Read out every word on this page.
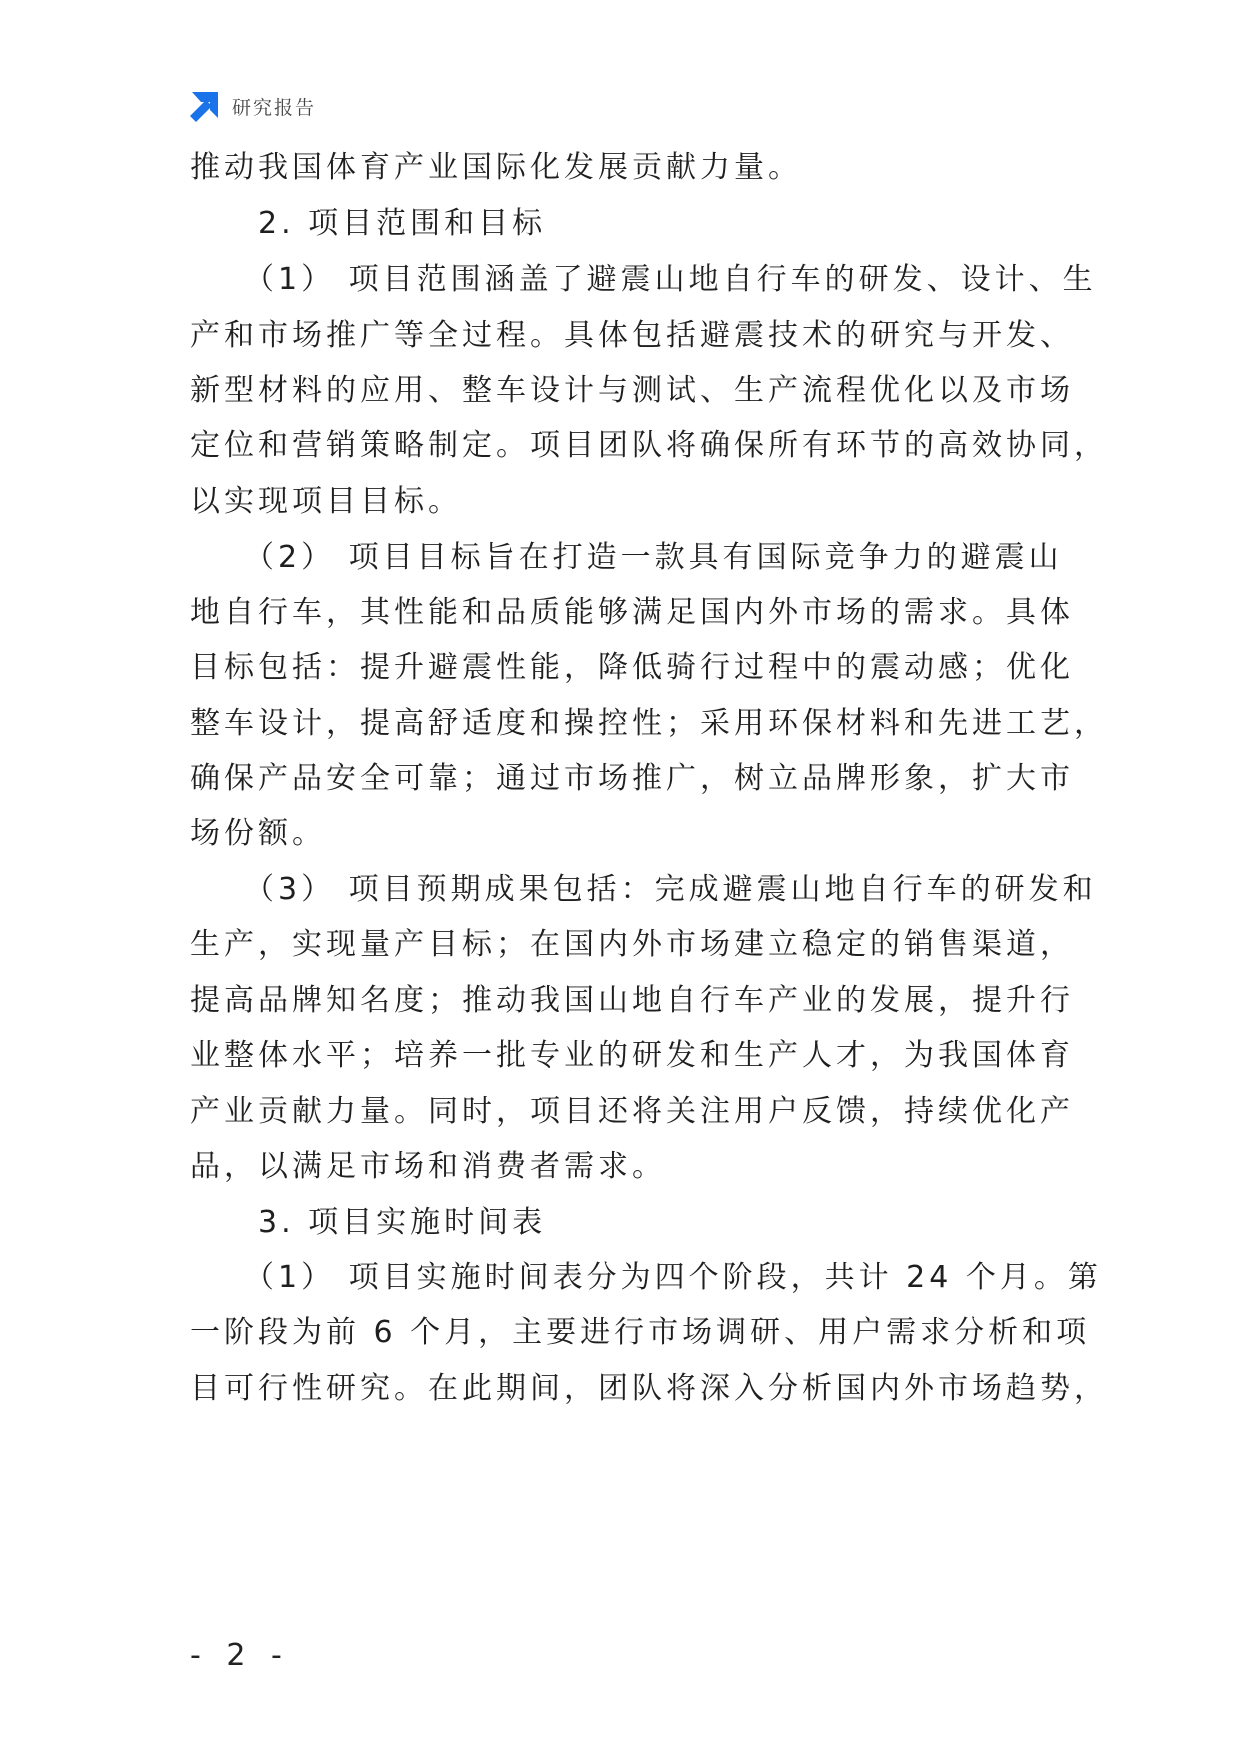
研究报告
推动我国体育产业国际化发展贡献力量。
2. 项目范围和目标
（1） 项目范围涵盖了避震山地自行车的研发、设计、生
产和市场推广等全过程。具体包括避震技术的研究与开发、
新型材料的应用、整车设计与测试、生产流程优化以及市场
定位和营销策略制定。项目团队将确保所有环节的高效协同，
以实现项目目标。
（2） 项目目标旨在打造一款具有国际竞争力的避震山
地自行车，其性能和品质能够满足国内外市场的需求。具体
目标包括：提升避震性能，降低骑行过程中的震动感；优化
整车设计，提高舒适度和操控性；采用环保材料和先进工艺，
确保产品安全可靠；通过市场推广，树立品牌形象，扩大市
场份额。
（3） 项目预期成果包括：完成避震山地自行车的研发和
生产，实现量产目标；在国内外市场建立稳定的销售渠道，
提高品牌知名度；推动我国山地自行车产业的发展，提升行
业整体水平；培养一批专业的研发和生产人才，为我国体育
产业贡献力量。同时，项目还将关注用户反馈，持续优化产
品，以满足市场和消费者需求。
3. 项目实施时间表
（1） 项目实施时间表分为四个阶段，共计 24 个月。第
一阶段为前 6 个月，主要进行市场调研、用户需求分析和项
目可行性研究。在此期间，团队将深入分析国内外市场趋势，
- 2 -
